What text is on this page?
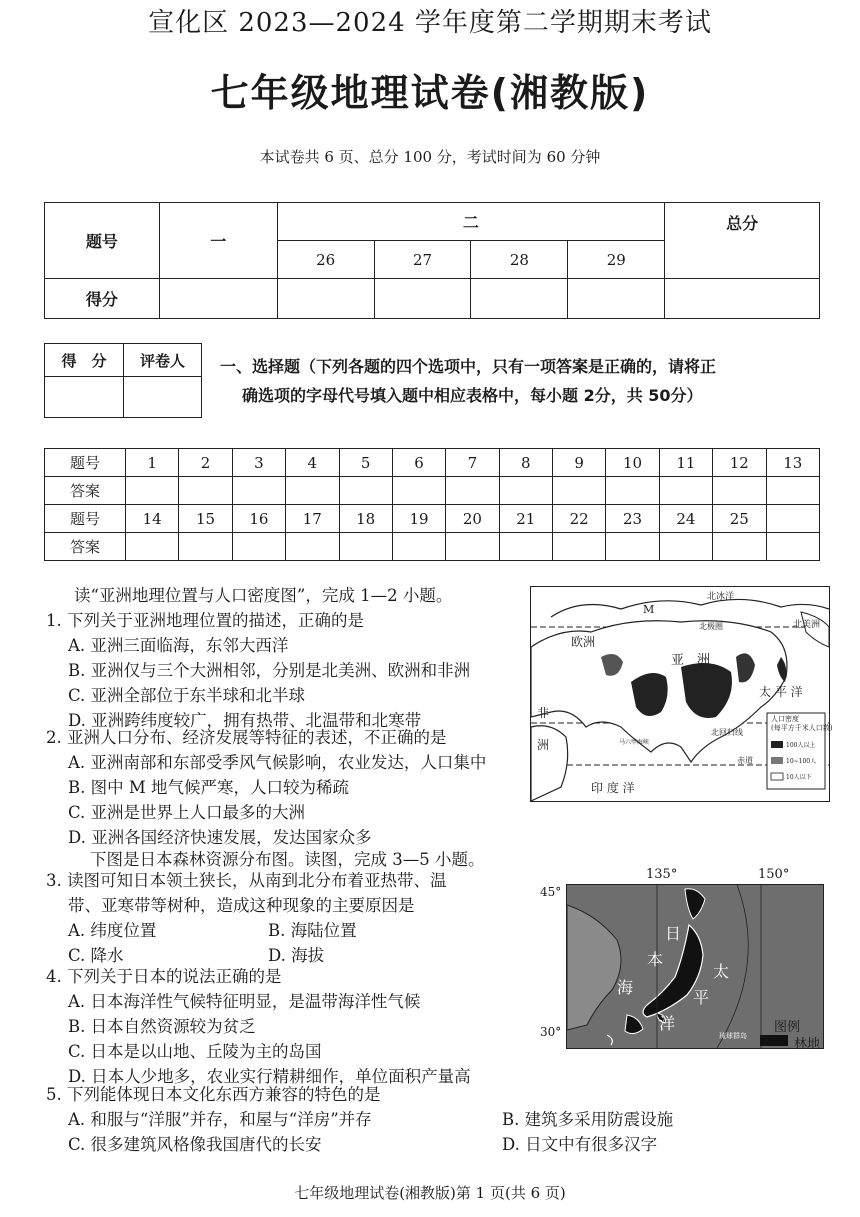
宣化区 2023—2024 学年度第二学期期末考试
七年级地理试卷(湘教版)
本试卷共 6 页、总分 100 分，考试时间为 60 分钟
题号	一	二				总分
		26	27	28	29	
得分						
得　分	评卷人
	一、选择题（下列各题的四个选项中，只有一项答案是正确的，请将正
确选项的字母代号填入题中相应表格中，每小题 2分，共 50分）
题号	1	2	3	4	5	6	7	8	9	10	11	12	13
答案													
题号	14	15	16	17	18	19	20	21	22	23	24	25	
答案													
读“亚洲地理位置与人口密度图”，完成 1—2 小题。
1. 下列关于亚洲地理位置的描述，正确的是
A. 亚洲三面临海，东邻大西洋
B. 亚洲仅与三个大洲相邻，分别是北美洲、欧洲和非洲
C. 亚洲全部位于东半球和北半球
D. 亚洲跨纬度较广，拥有热带、北温带和北寒带
2. 亚洲人口分布、经济发展等特征的表述，不正确的是
A. 亚洲南部和东部受季风气候影响，农业发达，人口集中
B. 图中 M 地气候严寒，人口较为稀疏
C. 亚洲是世界上人口最多的大洲
D. 亚洲各国经济快速发展，发达国家众多
下图是日本森林资源分布图。读图，完成 3—5 小题。
3. 读图可知日本领土狭长，从南到北分布着亚热带、温
带、亚寒带等树种，造成这种现象的主要原因是
A. 纬度位置	B. 海陆位置
C. 降水	D. 海拔
4. 下列关于日本的说法正确的是
A. 日本海洋性气候特征明显，是温带海洋性气候
B. 日本自然资源较为贫乏
C. 日本是以山地、丘陵为主的岛国
D. 日本人少地多，农业实行精耕细作，单位面积产量高
5. 下列能体现日本文化东西方兼容的特色的是
A. 和服与“洋服”并存，和屋与“洋房”并存	B. 建筑多采用防震设施
C. 很多建筑风格像我国唐代的长安	D. 日文中有很多汉字
北冰洋
M
北极圈	北美洲
欧洲
亚　洲
太 平 洋
非
洲
北回归线
赤道
印 度 洋
马六甲海峡
人口密度
(每平方千米人口数)
100人以上
10~100人
10人以下
135°	150°
45°
30°
日
本
海
太
平
洋
琉球群岛
图例
林地
七年级地理试卷(湘教版)第 1 页(共 6 页)
